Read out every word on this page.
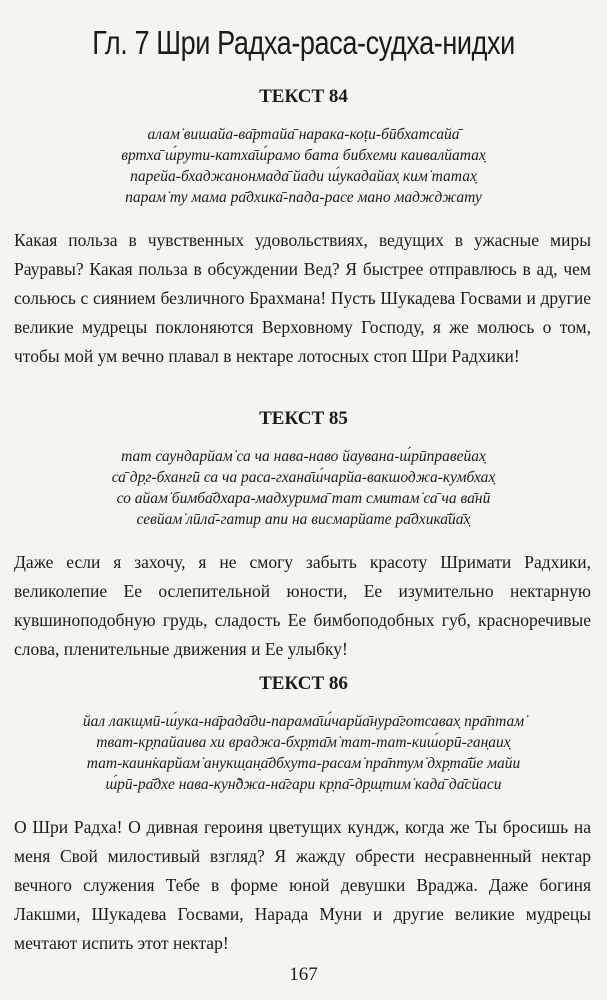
Гл. 7 Шри Радха-раса-судха-нидхи
ТЕКСТ 84
алам̇ вишайа-ва̄ртайа̄ нарака-коṭи-бӣбхатсайа̄
вртха̄ ш́рути-катха̄ш́рамо бата бибхеми каивалйатах̣
парейа-бхаджанонмада̄ йади ш́укадайах̣ ким̇ татах̣
парам̇ ту мама ра̄дхика̄-пада-расе мано маджджату

Какая польза в чувственных удовольствиях, ведущих в ужасные миры Рауравы? Какая польза в обсуждении Вед? Я быстрее отправлюсь в ад, чем сольюсь с сиянием безличного Брахмана! Пусть Шукадева Госвами и другие великие мудрецы поклоняются Верховному Господу, я же молюсь о том, чтобы мой ум вечно плавал в нектаре лотосных стоп Шри Радхики!

ТЕКСТ 85
тат саундарйам̇ са ча нава-наво йаувана-ш́рӣправейах̣
са̄ др̣г-бханг̇ӣ са ча раса-гхана̄ш́чарйа-вакшоджа-кумбхах̣
со айам̇ бимба̄дхара-мадхурима̄ тат смитам̇ са̄ ча ва̄н̇ӣ
севйам̇ лӣла̄-гатир апи на висмарйате ра̄дхика̄йа̄х̣

Даже если я захочу, я не смогу забыть красоту Шримати Радхики, великолепие Ее ослепительной юности, Ее изумительно нектарную кувшиноподобную грудь, сладость Ее бимбоподобных губ, красноречивые слова, пленительные движения и Ее улыбку!

ТЕКСТ 86
йал лакш̣мӣ-ш́ука-на̄рада̄ди-парама̄ш́чарйа̄нура̄готсавах̣ пра̄птам̇
тват-кр̣пайаива хи враджа-бхр̣та̄м̇ тат-тат-киш́орӣ-ган̣аих̣
тат-каин̇карйам̇ анукш̣ан̣а̄дбхута-расам̇ пра̄птум̇ дхр̣та̄йе майи
ш́рӣ-ра̄дхе нава-кун̃джа-на̄гари кр̣па̄-др̣ш̣тим̇ када̄ да̄сйаси

О Шри Радха! О дивная героиня цветущих кундж, когда же Ты бросишь на меня Свой милостивый взгляд? Я жажду обрести несравненный нектар вечного служения Тебе в форме юной девушки Враджа. Даже богиня Лакшми, Шукадева Госвами, Нарада Муни и другие великие мудрецы мечтают испить этот нектар!

167
